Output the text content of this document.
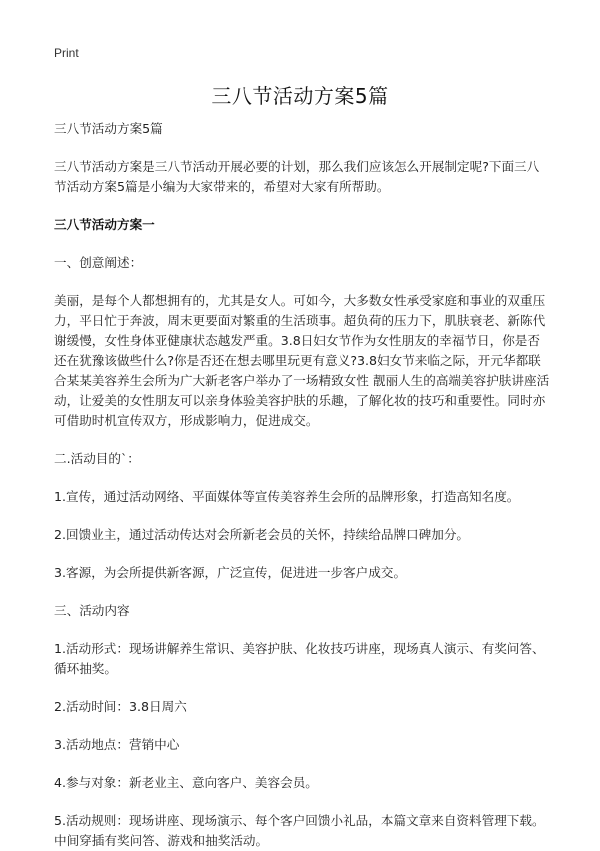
Print
三八节活动方案5篇

三八节活动方案5篇

三八节活动方案是三八节活动开展必要的计划，那么我们应该怎么开展制定呢?下面三八节活动方案5篇是小编为大家带来的，希望对大家有所帮助。

三八节活动方案一

一、创意阐述：

美丽，是每个人都想拥有的，尤其是女人。可如今，大多数女性承受家庭和事业的双重压力，平日忙于奔波，周末更要面对繁重的生活琐事。超负荷的压力下，肌肤衰老、新陈代谢缓慢，女性身体亚健康状态越发严重。3.8日妇女节作为女性朋友的幸福节日，你是否还在犹豫该做些什么?你是否还在想去哪里玩更有意义?3.8妇女节来临之际，开元华都联合某某美容养生会所为广大新老客户举办了一场精致女性 靓丽人生的高端美容护肤讲座活动，让爱美的女性朋友可以亲身体验美容护肤的乐趣，了解化妆的技巧和重要性。同时亦可借助时机宣传双方，形成影响力，促进成交。

二.活动目的`：

1.宣传，通过活动网络、平面媒体等宣传美容养生会所的品牌形象，打造高知名度。

2.回馈业主，通过活动传达对会所新老会员的关怀，持续给品牌口碑加分。

3.客源，为会所提供新客源，广泛宣传，促进进一步客户成交。

三、活动内容

1.活动形式：现场讲解养生常识、美容护肤、化妆技巧讲座，现场真人演示、有奖问答、循环抽奖。

2.活动时间：3.8日周六

3.活动地点：营销中心

4.参与对象：新老业主、意向客户、美容会员。

5.活动规则：现场讲座、现场演示、每个客户回馈小礼品，本篇文章来自资料管理下载。中间穿插有奖问答、游戏和抽奖活动。
